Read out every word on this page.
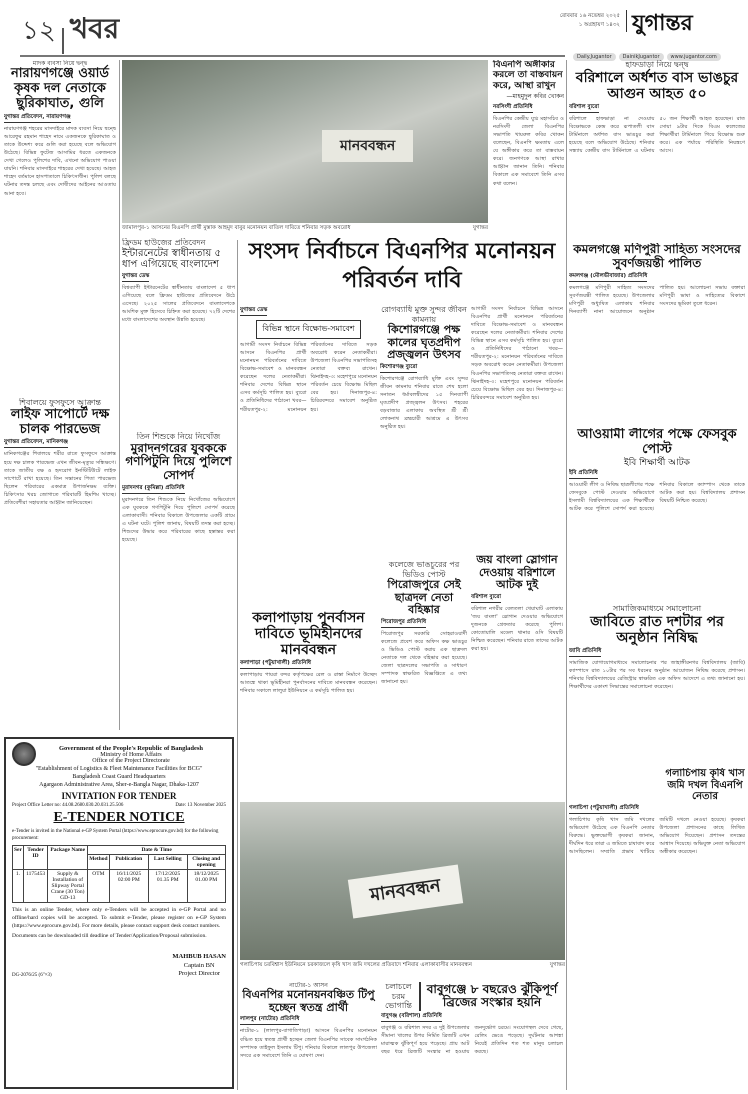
১২ খবর	রোববার ১৬ নভেম্বর ২০২৫
১ অগ্রহায়ণ ১৪৩২ যুগান্তর
Daily.Jugantor DainikJugantor www.jugantor.com
মাদক ব্যবসা নিয়ে দ্বন্দ্ব
নারায়ণগঞ্জে ওয়ার্ড কৃষক দল নেতাকে ছুরিকাঘাত, গুলি
যুগান্তর প্রতিবেদন, নারায়ণগঞ্জ
নারায়ণগঞ্জ শহরের মাসদাইরে মাদক ব্যবসা নিয়ে দ্বন্দ্বে আরেফুর রহমান শাহেদ নামে একজনকে ছুরিকাঘাত ও তাকে উদ্দেশ্য করে গুলি করা হয়েছে বলে অভিযোগ উঠেছে। বিভিন্ন ফুটেজ আসামির ধরতে একজনকে দেখা গেলেও পুলিশের দাবি, এখনো অভিযোগ পাওয়া যায়নি। শনিবার মাসদাইরে শাহরের দেখা হয়েছে। আহত শাহেদ বর্তমানে হাসপাতালে চিকিৎসাধীন। পুলিশ বলছে ঘটনার তদন্ত চলছে এবং দোষীদের আইনের আওতায় আনা হবে।
শিবালয়ে ফুসফুসে আক্রান্ত
লাইফ সাপোর্টে দক্ষ চালক পারভেজ
যুগান্তর প্রতিবেদন, মানিকগঞ্জ
মানিকগঞ্জের শিবালয়ে শরীর রাতে ফুসফুসে আক্রান্ত হয়ে দক্ষ চালক পারভেজ এখন জীবন-মৃত্যুর সন্ধিক্ষণে। তাকে জাতীয় বক্ষ ও হৃদরোগ ইনস্টিটিউটে লাইফ সাপোর্টে রাখা হয়েছে। তিন সন্তানের পিতা পারভেজ ছিলেন পরিবারের একমাত্র উপার্জনক্ষম ব্যক্তি। চিকিৎসার খরচ জোগাতে পরিবারটি হিমশিম খাচ্ছে। প্রতিবেশীরা সহায়তার আহ্বান জানিয়েছেন।
মানববন্ধন
জামালপুর-১ আসনের বিএনপি প্রার্থী মুস্তাক আহমুদ বাবুর মনোনয়ন বাতিল দাবিতে শনিবার সড়ক অবরোধ	যুগান্তর
ফ্রিডম হাউজের প্রতিবেদন
ইন্টারনেটের স্বাধীনতায় ৫ ধাপ এগিয়েছে বাংলাদেশ
যুগান্তর ডেস্ক
বিশ্বব্যাপী ইন্টারনেটের স্বাধীনতায় বাংলাদেশ ৫ ধাপ এগিয়েছে বলে ফ্রিডম হাউজের প্রতিবেদনে উঠে এসেছে। ২০২৫ সালের প্রতিবেদনে বাংলাদেশকে আংশিক মুক্ত হিসেবে চিহ্নিত করা হয়েছে। ৭২টি দেশের মধ্যে বাংলাদেশের অবস্থান উন্নতি হয়েছে।
তিন শিশুকে নিয়ে নিখোঁজ
মুরাদনগরের যুবককে গণপিটুনি দিয়ে পুলিশে সোপর্দ
মুরাদনগর (কুমিল্লা) প্রতিনিধি
মুরাদনগরে তিন শিশুকে নিয়ে নিখোঁজের অভিযোগে এক যুবককে গণপিটুনি দিয়ে পুলিশে সোপর্দ করেছে এলাকাবাসী। শনিবার বিকালে উপজেলার একটি গ্রামে এ ঘটনা ঘটে। পুলিশ জানায়, বিষয়টি তদন্ত করা হচ্ছে। শিশুদের উদ্ধার করে পরিবারের কাছে হস্তান্তর করা হয়েছে।
বিএনপি অঙ্গীকার করলে তা বাস্তবায়ন করে, আস্থা রাখুন
—মাহমুদুল কবির খোকন
নরসিংদী প্রতিনিধি
বিএনপির কেন্দ্রীয় যুগ্ম মহাসচিব ও নরসিংদী জেলা বিএনপির সভাপতি খায়রুল কবির খোকন বলেছেন, বিএনপি ক্ষমতায় এলে যে অঙ্গীকার করে তা বাস্তবায়ন করে। জনগণকে আস্থা রাখার আহ্বান জানান তিনি। শনিবার বিকালে এক সমাবেশে তিনি এসব কথা বলেন।
হাফডাড়া নিয়ে দ্বন্দ্ব
বরিশালে অর্ধশত বাস ভাঙচুর আগুন আহত ৫০
বরিশাল ব্যুরো
বরিশালে হাফভাড়া না দেওয়ায় বিক্ষোভকে কেন্দ্র করে রূপাতলী বাস টার্মিনালে অর্ধশত বাস ভাঙচুর করা হয়েছে বলে অভিযোগ উঠেছে। শনিবার সন্ধ্যায় কেন্দ্রীয় বাস টার্মিনালে এ ঘটনায় ৫০ জন শিক্ষার্থী আহত হয়েছেন। রাত সোয়া ৯টার দিকে বিএম কলেজের শিক্ষার্থীরা টার্মিনালে গিয়ে বিক্ষোভ শুরু করে। এক পর্যায়ে পরিস্থিতি নিয়ন্ত্রণে আসে।
সংসদ নির্বাচনে বিএনপির মনোনয়ন পরিবর্তন দাবি
যুগান্তর ডেস্ক
বিভিন্ন স্থানে বিক্ষোভ-সমাবেশ
আগামী সংসদ নির্বাচনে বিভিন্ন আসনে বিএনপির প্রার্থী মনোনয়ন পরিবর্তনের দাবিতে বিক্ষোভ-সমাবেশ ও মানববন্ধন করেছেন দলের নেতাকর্মীরা। শনিবার দেশের বিভিন্ন স্থানে এসব কর্মসূচি পালিত হয়। ব্যুরো ও প্রতিনিধিদের পাঠানো খবর— শরীয়তপুর-২: মনোনয়ন পরিবর্তনের দাবিতে সড়ক অবরোধ করেন নেতাকর্মীরা। উপজেলা বিএনপির সভাপতিসহ নেতারা বক্তব্য রাখেন। ঝিনাইদহ-৩: মহেশপুরে মনোনয়ন পরিবর্তন চেয়ে বিক্ষোভ মিছিল বের হয়। দিনাজপুর-৪: চিরিরবন্দরে সমাবেশ অনুষ্ঠিত হয়।
আগামী সংসদ নির্বাচনে বিভিন্ন আসনে বিএনপির প্রার্থী মনোনয়ন পরিবর্তনের দাবিতে বিক্ষোভ-সমাবেশ ও মানববন্ধন করেছেন দলের নেতাকর্মীরা। শনিবার দেশের বিভিন্ন স্থানে এসব কর্মসূচি পালিত হয়। ব্যুরো ও প্রতিনিধিদের পাঠানো খবর— শরীয়তপুর-২: মনোনয়ন পরিবর্তনের দাবিতে সড়ক অবরোধ করেন নেতাকর্মীরা। উপজেলা বিএনপির সভাপতিসহ নেতারা বক্তব্য রাখেন। ঝিনাইদহ-৩: মহেশপুরে মনোনয়ন পরিবর্তন চেয়ে বিক্ষোভ মিছিল বের হয়। দিনাজপুর-৪: চিরিরবন্দরে সমাবেশ অনুষ্ঠিত হয়।
রোগব্যাধি মুক্ত সুন্দর জীবন কামনায়
কিশোরগঞ্জে পক্ষ কালের ঘৃতপ্রদীপ প্রজ্জ্বলন উৎসব
কিশোরগঞ্জ ব্যুরো
কিশোরগঞ্জে রোগব্যাধি মুক্তি এবং সুন্দর জীবন কামনায় শনিবার রাতে শেষ হলো সনাতন ধর্মাবলম্বীদের ১৫ দিনব্যাপী ঘৃতপ্রদীপ প্রজ্জ্বলন উৎসব। শহরের বড়বাজার এলাকায় অবস্থিত শ্রী শ্রী লোকনাথ ব্রহ্মচারী আশ্রমে এ উৎসব অনুষ্ঠিত হয়।
কমলগঞ্জে মণিপুরী সাহিত্য সংসদের সুবর্ণজয়ন্তী পালিত
কমলগঞ্জ (মৌলভীবাজার) প্রতিনিধি
কমলগঞ্জে মণিপুরী সাহিত্য সংসদের সুবর্ণজয়ন্তী পালিত হয়েছে। উপজেলার মণিপুরী অধ্যুষিত এলাকায় শনিবার দিনব্যাপী নানা আয়োজনে অনুষ্ঠান পালিত হয়। আলোচনা সভায় বক্তারা মণিপুরী ভাষা ও সাহিত্যের বিকাশে সংসদের ভূমিকা তুলে ধরেন।
আওয়ামী লীগের পক্ষে ফেসবুক পোস্ট
ইবি শিক্ষার্থী আটক
ইবি প্রতিনিধি
আওয়ামী লীগ ও নিষিদ্ধ ছাত্রলীগের পক্ষে ফেসবুকে পোস্ট দেওয়ার অভিযোগে ইসলামী বিশ্ববিদ্যালয়ের এক শিক্ষার্থীকে আটক করে পুলিশে সোপর্দ করা হয়েছে। শনিবার বিকালে ক্যাম্পাস থেকে তাকে আটক করা হয়। বিশ্ববিদ্যালয় প্রশাসন বিষয়টি নিশ্চিত করেছে।
জয় বাংলা স্লোগান দেওয়ায় বরিশালে আটক দুই
বরিশাল ব্যুরো
বরিশাল নগরীর বেলতলা খেয়াঘাট এলাকায় 'জয় বাংলা' স্লোগান দেওয়ার অভিযোগে দুজনকে গ্রেফতার করেছে পুলিশ। কোতোয়ালি মডেল থানার ওসি বিষয়টি নিশ্চিত করেছেন। শনিবার রাতে তাদের আটক করা হয়।
সামাজিকমাধ্যমে সমালোচনা
জাবিতে রাত দশটার পর অনুষ্ঠান নিষিদ্ধ
জাবি প্রতিনিধি
সামাজিক যোগাযোগমাধ্যমে সমালোচনার পর জাহাঙ্গীরনগর বিশ্ববিদ্যালয় (জাবি) ক্যাম্পাসে রাত ১০টার পর সব ধরনের অনুষ্ঠান আয়োজন নিষিদ্ধ করেছে প্রশাসন। শনিবার বিশ্ববিদ্যালয়ের রেজিস্ট্রার স্বাক্ষরিত এক অফিস আদেশে এ তথ্য জানানো হয়। শিক্ষার্থীদের একাংশ সিদ্ধান্তের সমালোচনা করেছেন।
গলাচিপায় কৃষি খাস জমি দখল বিএনপি নেতার
গলাচিপা (পটুয়াখালী) প্রতিনিধি
গলাচিপায় কৃষি খাস জমি দখলের অভিযোগ উঠেছে এক বিএনপি নেতার বিরুদ্ধে। ভুক্তভোগী কৃষকরা জানান, দীর্ঘদিন ধরে তারা এ জমিতে চাষাবাদ করে আসছিলেন। সম্প্রতি প্রভাব খাটিয়ে জমিটি দখলে নেওয়া হয়েছে। কৃষকরা উপজেলা প্রশাসনের কাছে লিখিত অভিযোগ দিয়েছেন। প্রশাসন তদন্তের আশ্বাস দিয়েছে। অভিযুক্ত নেতা অভিযোগ অস্বীকার করেছেন।
কলাপাড়ায় পুনর্বাসন দাবিতে ভূমিহীনদের মানববন্ধন
কলাপাড়া (পটুয়াখালী) প্রতিনিধি
কলাপাড়ায় পায়রা বন্দর কর্তৃপক্ষের রেল ও রাস্তা নির্মাণে উচ্ছেদ আতঙ্কে থাকা ভূমিহীনরা পুনর্বাসনের দাবিতে মানববন্ধন করেছেন। শনিবার সকালে লালুয়া ইউনিয়নে এ কর্মসূচি পালিত হয়।
কলেজে ভাঙচুরের পর ভিডিও পোস্ট
পিরোজপুরে সেই ছাত্রদল নেতা বহিষ্কার
পিরোজপুর প্রতিনিধি
পিরোজপুর সরকারি সোহরাওয়ার্দী কলেজে প্রবেশ করে অফিস কক্ষ ভাঙচুর ও ভিডিও পোস্ট করায় এক ছাত্রদল নেতাকে দল থেকে বহিষ্কার করা হয়েছে। জেলা ছাত্রদলের সভাপতি ও সাধারণ সম্পাদক স্বাক্ষরিত বিজ্ঞপ্তিতে এ তথ্য জানানো হয়।
মানববন্ধন
গলাচিপায় চরবিশ্বাস ইউনিয়নে চরকাজলে কৃষি খাস জমি দখলের প্রতিবাদে শনিবার এলাকাবাসীর মানববন্ধন	যুগান্তর
নাটোর-১ আসন
বিএনপির মনোনয়নবঞ্চিত টিপু হচ্ছেন স্বতন্ত্র প্রার্থী
লালপুর (নাটোর) প্রতিনিধি
নাটোর-১ (লালপুর-বাগাতিপাড়া) আসনে বিএনপির মনোনয়ন বঞ্চিত হয়ে স্বতন্ত্র প্রার্থী হচ্ছেন জেলা বিএনপির সাবেক সাংগঠনিক সম্পাদক তাইফুল ইসলাম টিপু। শনিবার বিকালে লালপুর উপজেলা সদরে এক সমাবেশে তিনি এ ঘোষণা দেন।
চলাচলে চরম ভোগান্তি
বাবুগঞ্জে ৮ বছরেও ঝুঁকিপূর্ণ ব্রিজের সংস্কার হয়নি
বাবুগঞ্জ (বরিশাল) প্রতিনিধি
বাবুগঞ্জ ও বরিশাল সদর এ দুই উপজেলার সীমানা খালের উপর নির্মিত ব্রিজটি এখন মারাত্মক ঝুঁকিপূর্ণ হয়ে পড়েছে। প্রায় আট বছর ধরে ব্রিজটি সংস্কার না হওয়ায় জনদুর্ভোগ চরমে। সংযোগস্থল দেবে গেছে, রেলিং ভেঙে পড়েছে। দুর্ঘটনার আশঙ্কা নিয়েই প্রতিদিন শত শত মানুষ চলাচল করছে।
Government of the People's Republic of Bangladesh
Ministry of Home Affairs
Office of the Project Directorate
"Establishment of Logistics & Fleet Maintenance Facilities for BCG"
Bangladesh Coast Guard Headquarters
Agargaon Administrative Area, Sher-e-Bangla Nagar, Dhaka-1207
INVITATION FOR TENDER
Project Office Letter no: 44.08.2680.030.20.031.25.506	Date: 13 November 2025
E-TENDER NOTICE
e-Tender is invited in the National e-GP System Portal (https://www.eprocure.gov.bd) for the following procurement:
Ser	Tender ID	Package Name	Date & Time			
			Method	Publication	Last Selling	Closing and opening
1.	1175453	Supply & Installation of Slipway Portal Crane (30 Ton) GD-13	OTM	16/11/2025 02:00 PM	17/12/2025 01.35 PM	18/12/2025 01.00 PM
This is an online Tender, where only e-Tenders will be accepted in e-GP Portal and no offline/hard copies will be accepted. To submit e-Tender, please register on e-GP System (https://www.eprocure.gov.bd). For more details, please contact support desk contact numbers.
Documents can be downloaded till deadline of Tender/Application/Proposal submission.
DG-2076/25 (6"×3)
MAHBUB HASAN
Captain BN
Project Director
